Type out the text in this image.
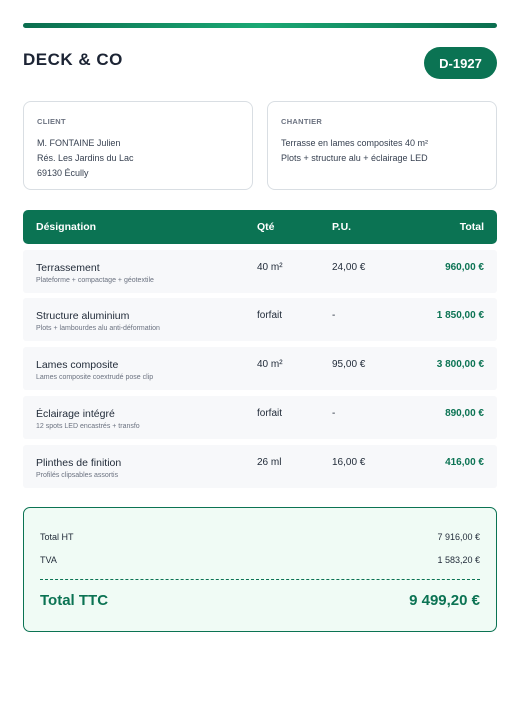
DECK & CO	D-1927
CLIENT
M. FONTAINE Julien
Rés. Les Jardins du Lac
69130 Écully
CHANTIER
Terrasse en lames composites 40 m²
Plots + structure alu + éclairage LED
Désignation	Qté	P.U.	Total
Terrassement
Plateforme + compactage + géotextile
40 m²	24,00 €	960,00 €
Structure aluminium
Plots + lambourdes alu anti-déformation
forfait	-	1 850,00 €
Lames composite
Lames composite coextrudé pose clip
40 m²	95,00 €	3 800,00 €
Éclairage intégré
12 spots LED encastrés + transfo
forfait	-	890,00 €
Plinthes de finition
Profilés clipsables assortis
26 ml	16,00 €	416,00 €
Total HT	7 916,00 €
TVA	1 583,20 €
Total TTC	9 499,20 €
